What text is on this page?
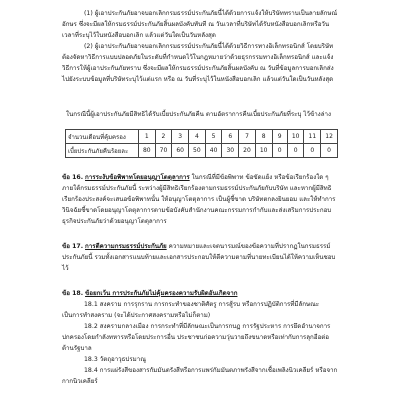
(1) ผู้เอาประกันภัยอาจบอกเลิกกรมธรรม์ประกันภัยนี้ได้ด้วยการแจ้งให้บริษัททราบเป็นลายลักษณ์อักษร ซึ่งจะมีผลให้กรมธรรม์ประกันภัยสิ้นผลบังคับทันที ณ วันเวลาที่บริษัทได้รับหนังสือบอกเลิกหรือวันเวลาที่ระบุไว้ในหนังสือบอกเลิก แล้วแต่วันใดเป็นวันหลังสุด

(2) ผู้เอาประกันภัยอาจบอกเลิกกรมธรรม์ประกันภัยนี้ได้ด้วยวิธีการทางอิเล็กทรอนิกส์ โดยบริษัทต้องจัดหาวิธีการแบบปลอดภัยในระดับที่กำหนดไว้ในกฎหมายว่าด้วยธุรกรรมทางอิเล็กทรอนิกส์ และแจ้งวิธีการให้ผู้เอาประกันภัยทราบ ซึ่งจะมีผลให้กรมธรรม์ประกันภัยสิ้นผลบังคับ ณ วันที่ข้อมูลการบอกเลิกส่งไปยังระบบข้อมูลที่บริษัทระบุไว้แต่แรก หรือ ณ วันที่ระบุไว้ในหนังสือบอกเลิก แล้วแต่วันใดเป็นวันหลังสุด

ในกรณีนี้ผู้เอาประกันภัยมีสิทธิได้รับเบี้ยประกันภัยคืน ตามอัตราการคืนเบี้ยประกันภัยที่ระบุ ไว้ข้างล่าง

จำนวนเดือนที่คุ้มครอง	1	2	3	4	5	6	7	8	9	10	11	12
เบี้ยประกันภัยคืนร้อยละ	80	70	60	50	40	30	20	10	0	0	0	0

ข้อ 16. การระงับข้อพิพาทโดยอนุญาโตตุลาการ ในกรณีที่มีข้อพิพาท ข้อขัดแย้ง หรือข้อเรียกร้องใด ๆ ภายใต้กรมธรรม์ประกันภัยนี้ ระหว่างผู้มีสิทธิเรียกร้องตามกรมธรรม์ประกันภัยกับบริษัท และหากผู้มีสิทธิเรียกร้องประสงค์จะเสนอข้อพิพาทนั้น ให้อนุญาโตตุลาการ เป็นผู้ชี้ขาด บริษัทตกลงยินยอม และให้ทำการวินิจฉัยชี้ขาดโดยอนุญาโตตุลาการตามข้อบังคับสำนักงานคณะกรรมการกำกับและส่งเสริมการประกอบธุรกิจประกันภัยว่าด้วยอนุญาโตตุลาการ

ข้อ 17. การตีความกรมธรรม์ประกันภัย ความหมายและเจตนารมณ์ของข้อความที่ปรากฏในกรมธรรม์ประกันภัยนี้ รวมทั้งเอกสารแนบท้ายและเอกสารประกอบให้ตีความตามที่นายทะเบียนได้ให้ความเห็นชอบไว้

ข้อ 18. ข้อยกเว้น การประกันภัยไม่คุ้มครองความรับผิดอันเกิดจาก

18.1 สงคราม การรุกราน การกระทำของชาติศัตรู การสู้รบ หรือการปฏิบัติการที่มีลักษณะเป็นการทำสงคราม (จะได้ประกาศสงครามหรือไม่ก็ตาม)

18.2 สงครามกลางเมือง การกระทำที่มีลักษณะเป็นการกบฏ การรัฐประหาร การยึดอำนาจการปกครองโดยกำลังทหารหรือโดยประการอื่น ประชาชนก่อความวุ่นวายถึงขนาดหรือเท่ากับการลุกฮือต่อต้านรัฐบาล

18.3 วัตถุอาวุธปรมาณู

18.4 การแผ่รังสีของสารกัมมันตรังสีหรือการแพร่กัมมันตภาพรังสีจากเชื้อเพลิงนิวเคลียร์ หรือจากกากนิวเคลียร์
